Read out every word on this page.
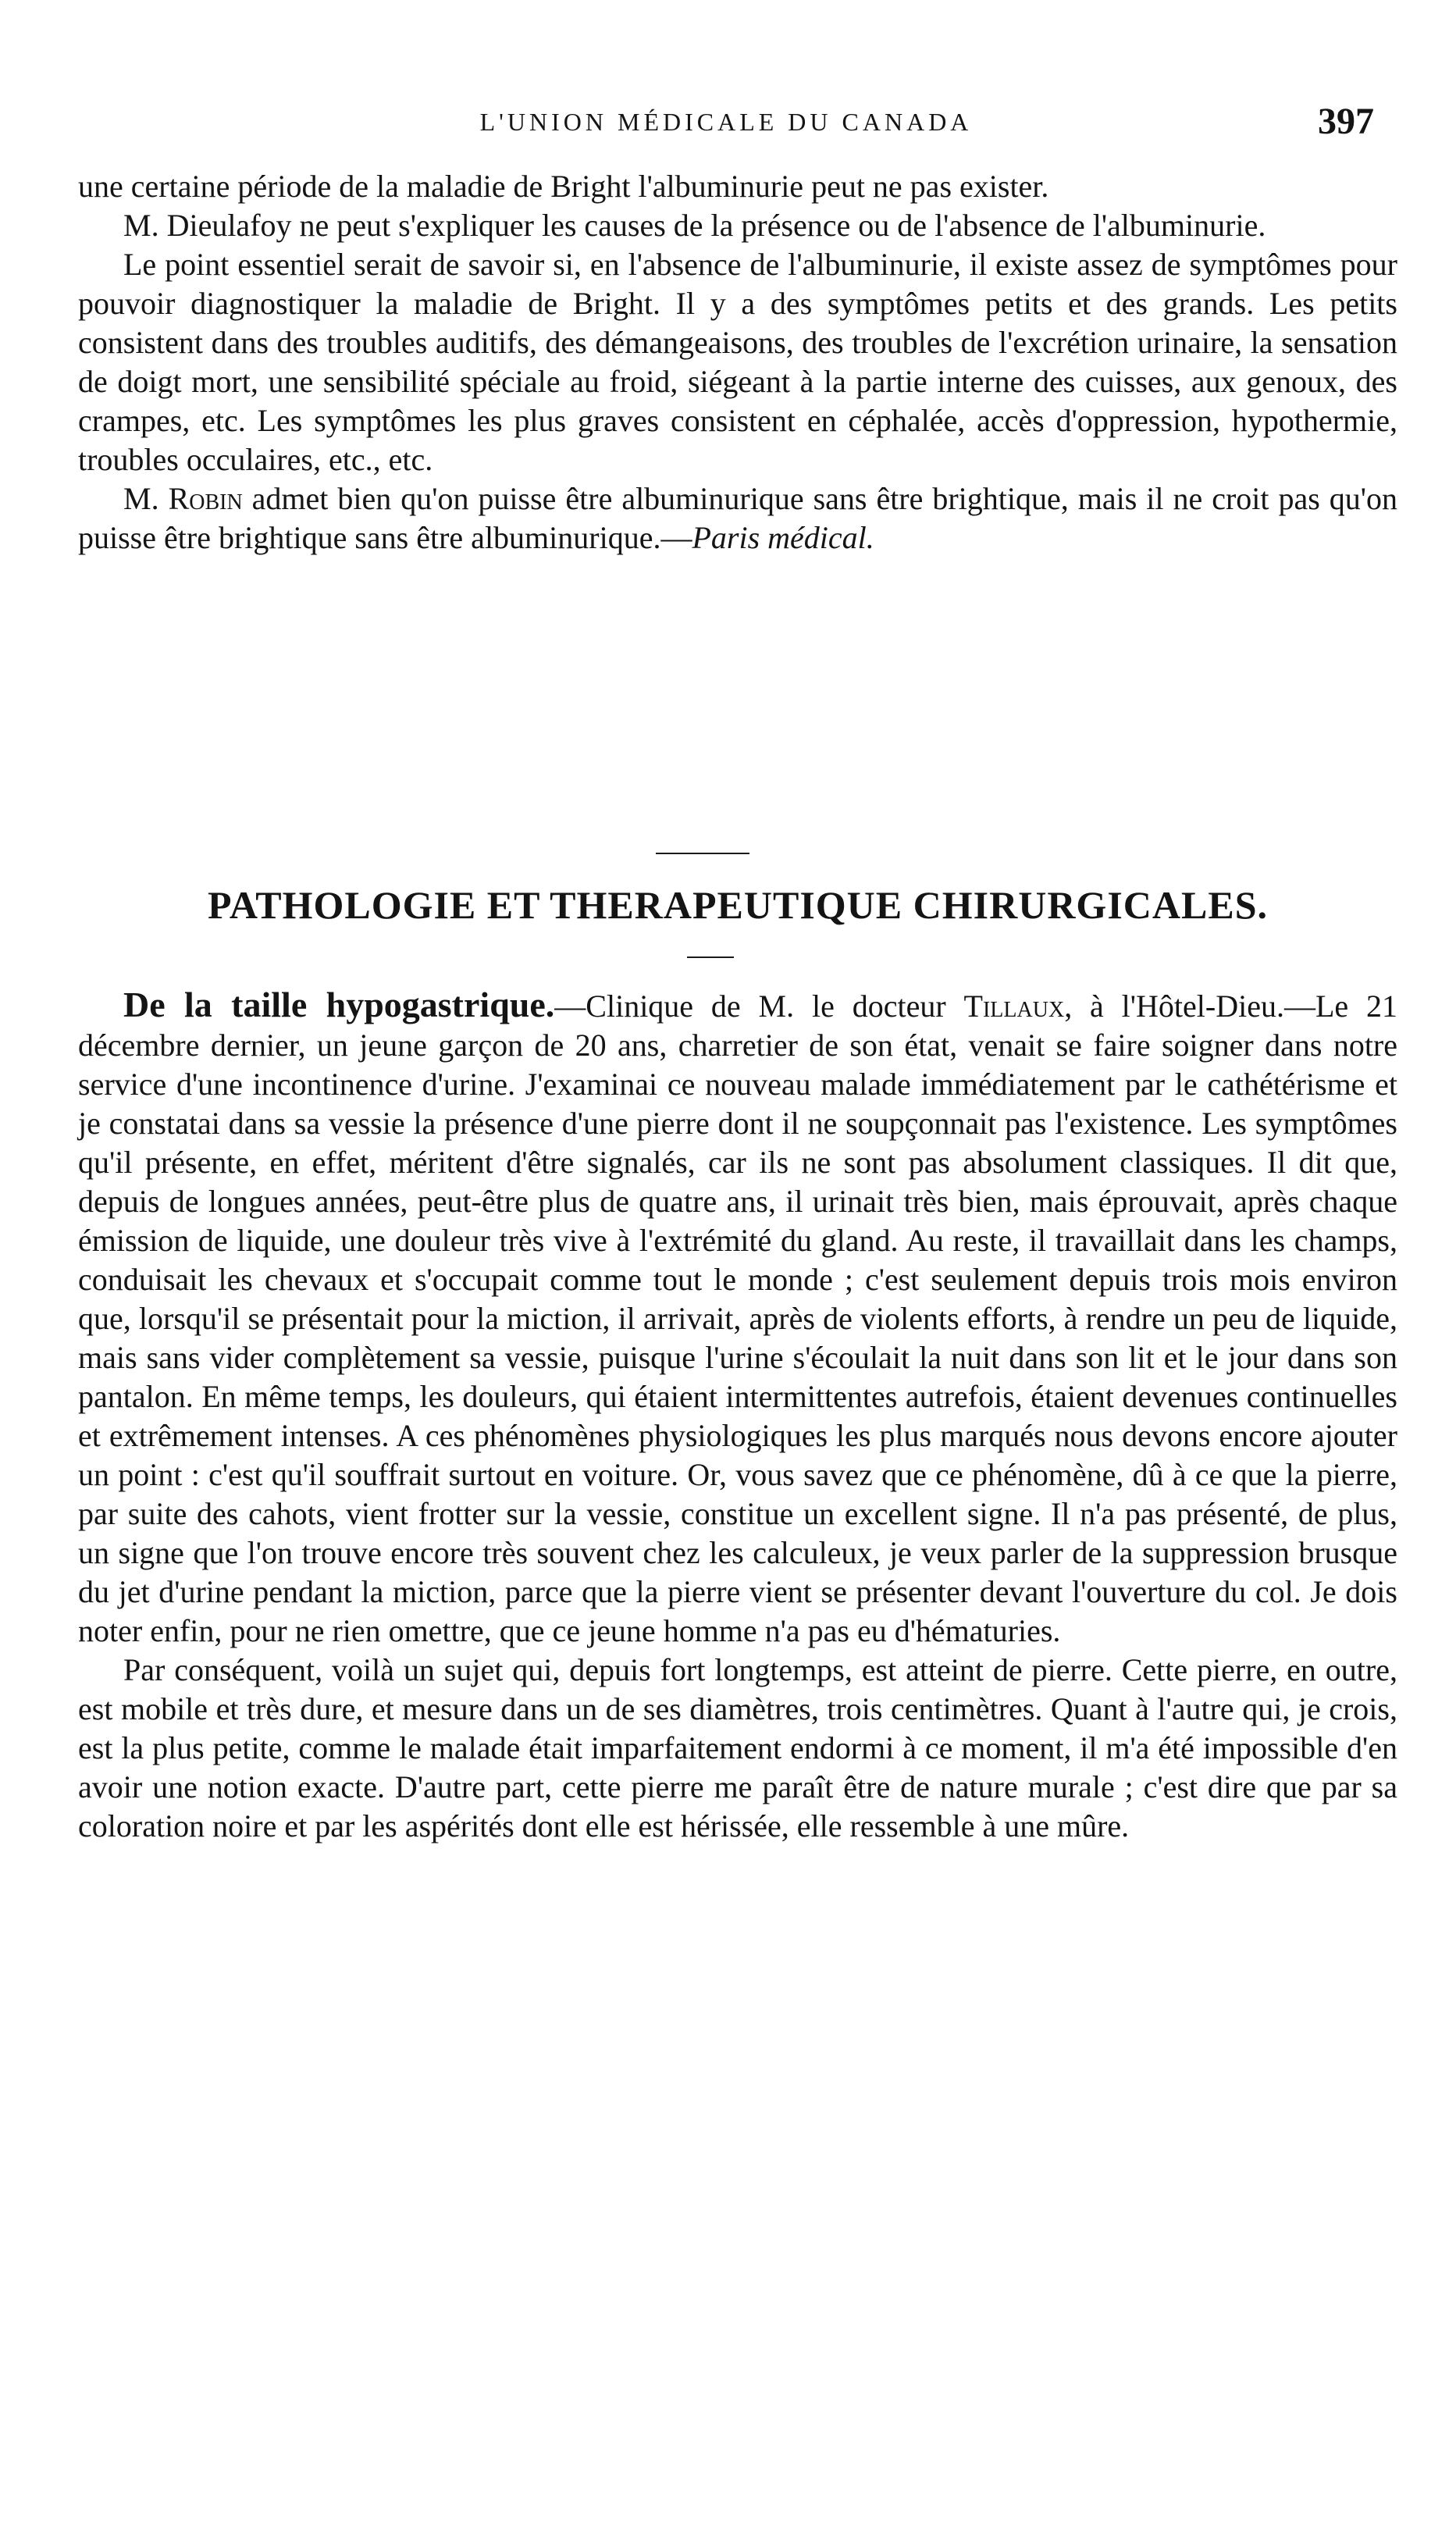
L'UNION MÉDICALE DU CANADA	397

une certaine période de la maladie de Bright l'albuminurie peut ne pas exister.

M. Dieulafoy ne peut s'expliquer les causes de la présence ou de l'absence de l'albuminurie.

Le point essentiel serait de savoir si, en l'absence de l'albuminurie, il existe assez de symptômes pour pouvoir diagnostiquer la maladie de Bright. Il y a des symptômes petits et des grands. Les petits consistent dans des troubles auditifs, des démangeaisons, des troubles de l'excrétion urinaire, la sensation de doigt mort, une sensibilité spéciale au froid, siégeant à la partie interne des cuisses, aux genoux, des crampes, etc. Les symptômes les plus graves consistent en céphalée, accès d'oppression, hypothermie, troubles occulaires, etc., etc.

M. Robin admet bien qu'on puisse être albuminurique sans être brightique, mais il ne croit pas qu'on puisse être brightique sans être albuminurique.—Paris médical.

PATHOLOGIE ET THERAPEUTIQUE CHIRURGICALES.

De la taille hypogastrique.—Clinique de M. le docteur Tillaux, à l'Hôtel-Dieu.—Le 21 décembre dernier, un jeune garçon de 20 ans, charretier de son état, venait se faire soigner dans notre service d'une incontinence d'urine. J'examinai ce nouveau malade immédiatement par le cathétérisme et je constatai dans sa vessie la présence d'une pierre dont il ne soupçonnait pas l'existence. Les symptômes qu'il présente, en effet, méritent d'être signalés, car ils ne sont pas absolument classiques. Il dit que, depuis de longues années, peut-être plus de quatre ans, il urinait très bien, mais éprouvait, après chaque émission de liquide, une douleur très vive à l'extrémité du gland. Au reste, il travaillait dans les champs, conduisait les chevaux et s'occupait comme tout le monde ; c'est seulement depuis trois mois environ que, lorsqu'il se présentait pour la miction, il arrivait, après de violents efforts, à rendre un peu de liquide, mais sans vider complètement sa vessie, puisque l'urine s'écoulait la nuit dans son lit et le jour dans son pantalon. En même temps, les douleurs, qui étaient intermittentes autrefois, étaient devenues continuelles et extrêmement intenses. A ces phénomènes physiologiques les plus marqués nous devons encore ajouter un point : c'est qu'il souffrait surtout en voiture. Or, vous savez que ce phénomène, dû à ce que la pierre, par suite des cahots, vient frotter sur la vessie, constitue un excellent signe. Il n'a pas présenté, de plus, un signe que l'on trouve encore très souvent chez les calculeux, je veux parler de la suppression brusque du jet d'urine pendant la miction, parce que la pierre vient se présenter devant l'ouverture du col. Je dois noter enfin, pour ne rien omettre, que ce jeune homme n'a pas eu d'hématuries.

Par conséquent, voilà un sujet qui, depuis fort longtemps, est atteint de pierre. Cette pierre, en outre, est mobile et très dure, et mesure dans un de ses diamètres, trois centimètres. Quant à l'autre qui, je crois, est la plus petite, comme le malade était imparfaitement endormi à ce moment, il m'a été impossible d'en avoir une notion exacte. D'autre part, cette pierre me paraît être de nature murale ; c'est dire que par sa coloration noire et par les aspérités dont elle est hérissée, elle ressemble à une mûre.
